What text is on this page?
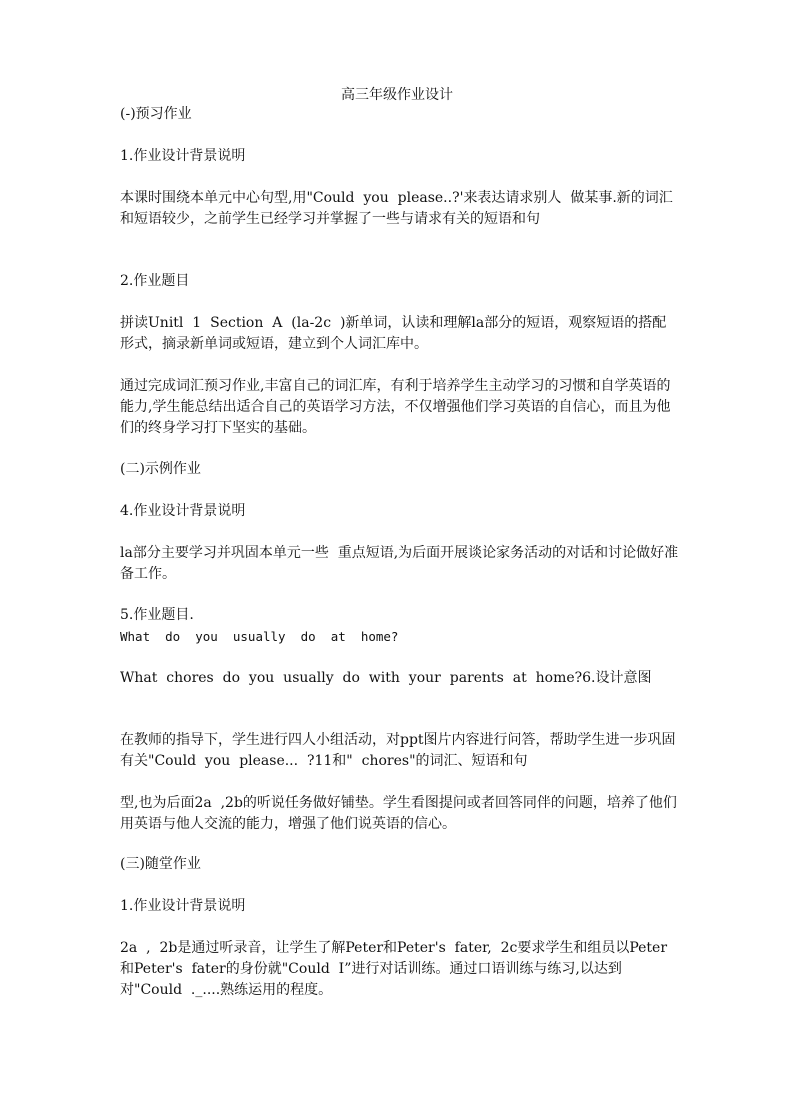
高三年级作业设计

(-)预习作业

1.作业设计背景说明

本课时围绕本单元中心句型,用"Could  you  please..?'来表达请求别人  做某事.新的词汇和短语较少，之前学生已经学习并掌握了一些与请求有关的短语和句

2.作业题目

拼读Unitl  1  Section  A  (la-2c  )新单词，认读和理解la部分的短语，观察短语的搭配形式，摘录新单词或短语，建立到个人词汇库中。

通过完成词汇预习作业,丰富自己的词汇库，有利于培养学生主动学习的习惯和自学英语的能力,学生能总结出适合自己的英语学习方法，不仅增强他们学习英语的自信心，而且为他们的终身学习打下坚实的基础。

(二)示例作业

4.作业设计背景说明

la部分主要学习并巩固本单元一些  重点短语,为后面开展谈论家务活动的对话和讨论做好准备工作。

5.作业题目.

What  do  you  usually  do  at  home?

What  chores  do  you  usually  do  with  your  parents  at  home?6.设计意图

在教师的指导下，学生进行四人小组活动，对ppt图片内容进行问答，帮助学生进一步巩固有关"Could  you  please...  ?11和"  chores"的词汇、短语和句

型,也为后面2a  ,2b的听说任务做好铺垫。学生看图提问或者回答同伴的问题，培养了他们用英语与他人交流的能力，增强了他们说英语的信心。

(三)随堂作业

1.作业设计背景说明

2a  ,  2b是通过听录音，让学生了解Peter和Peter's  fater,  2c要求学生和组员以Peter和Peter's  fater的身份就"Could  I”进行对话训练。通过口语训练与练习,以达到对"Could  ._....熟练运用的程度。
